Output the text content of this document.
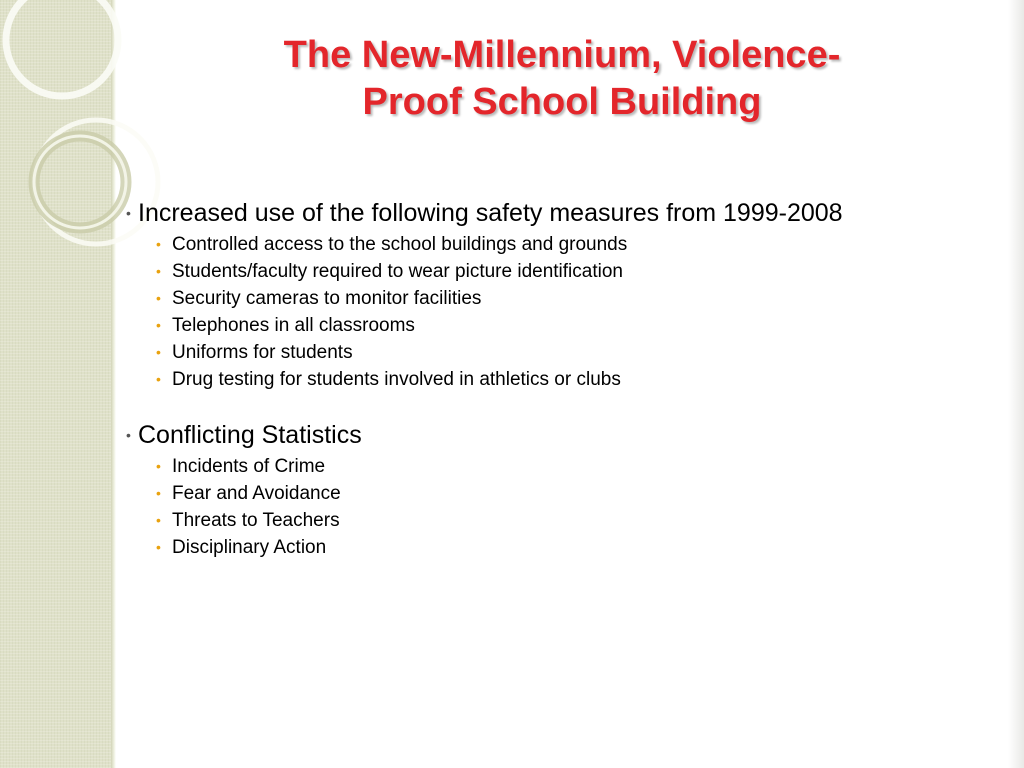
The New-Millennium, Violence-
Proof School Building
• Increased use of the following safety measures from 1999-2008
• Controlled access to the school buildings and grounds
• Students/faculty required to wear picture identification
• Security cameras to monitor facilities
• Telephones in all classrooms
• Uniforms for students
• Drug testing for students involved in athletics or clubs
• Conflicting Statistics
• Incidents of Crime
• Fear and Avoidance
• Threats to Teachers
• Disciplinary Action
